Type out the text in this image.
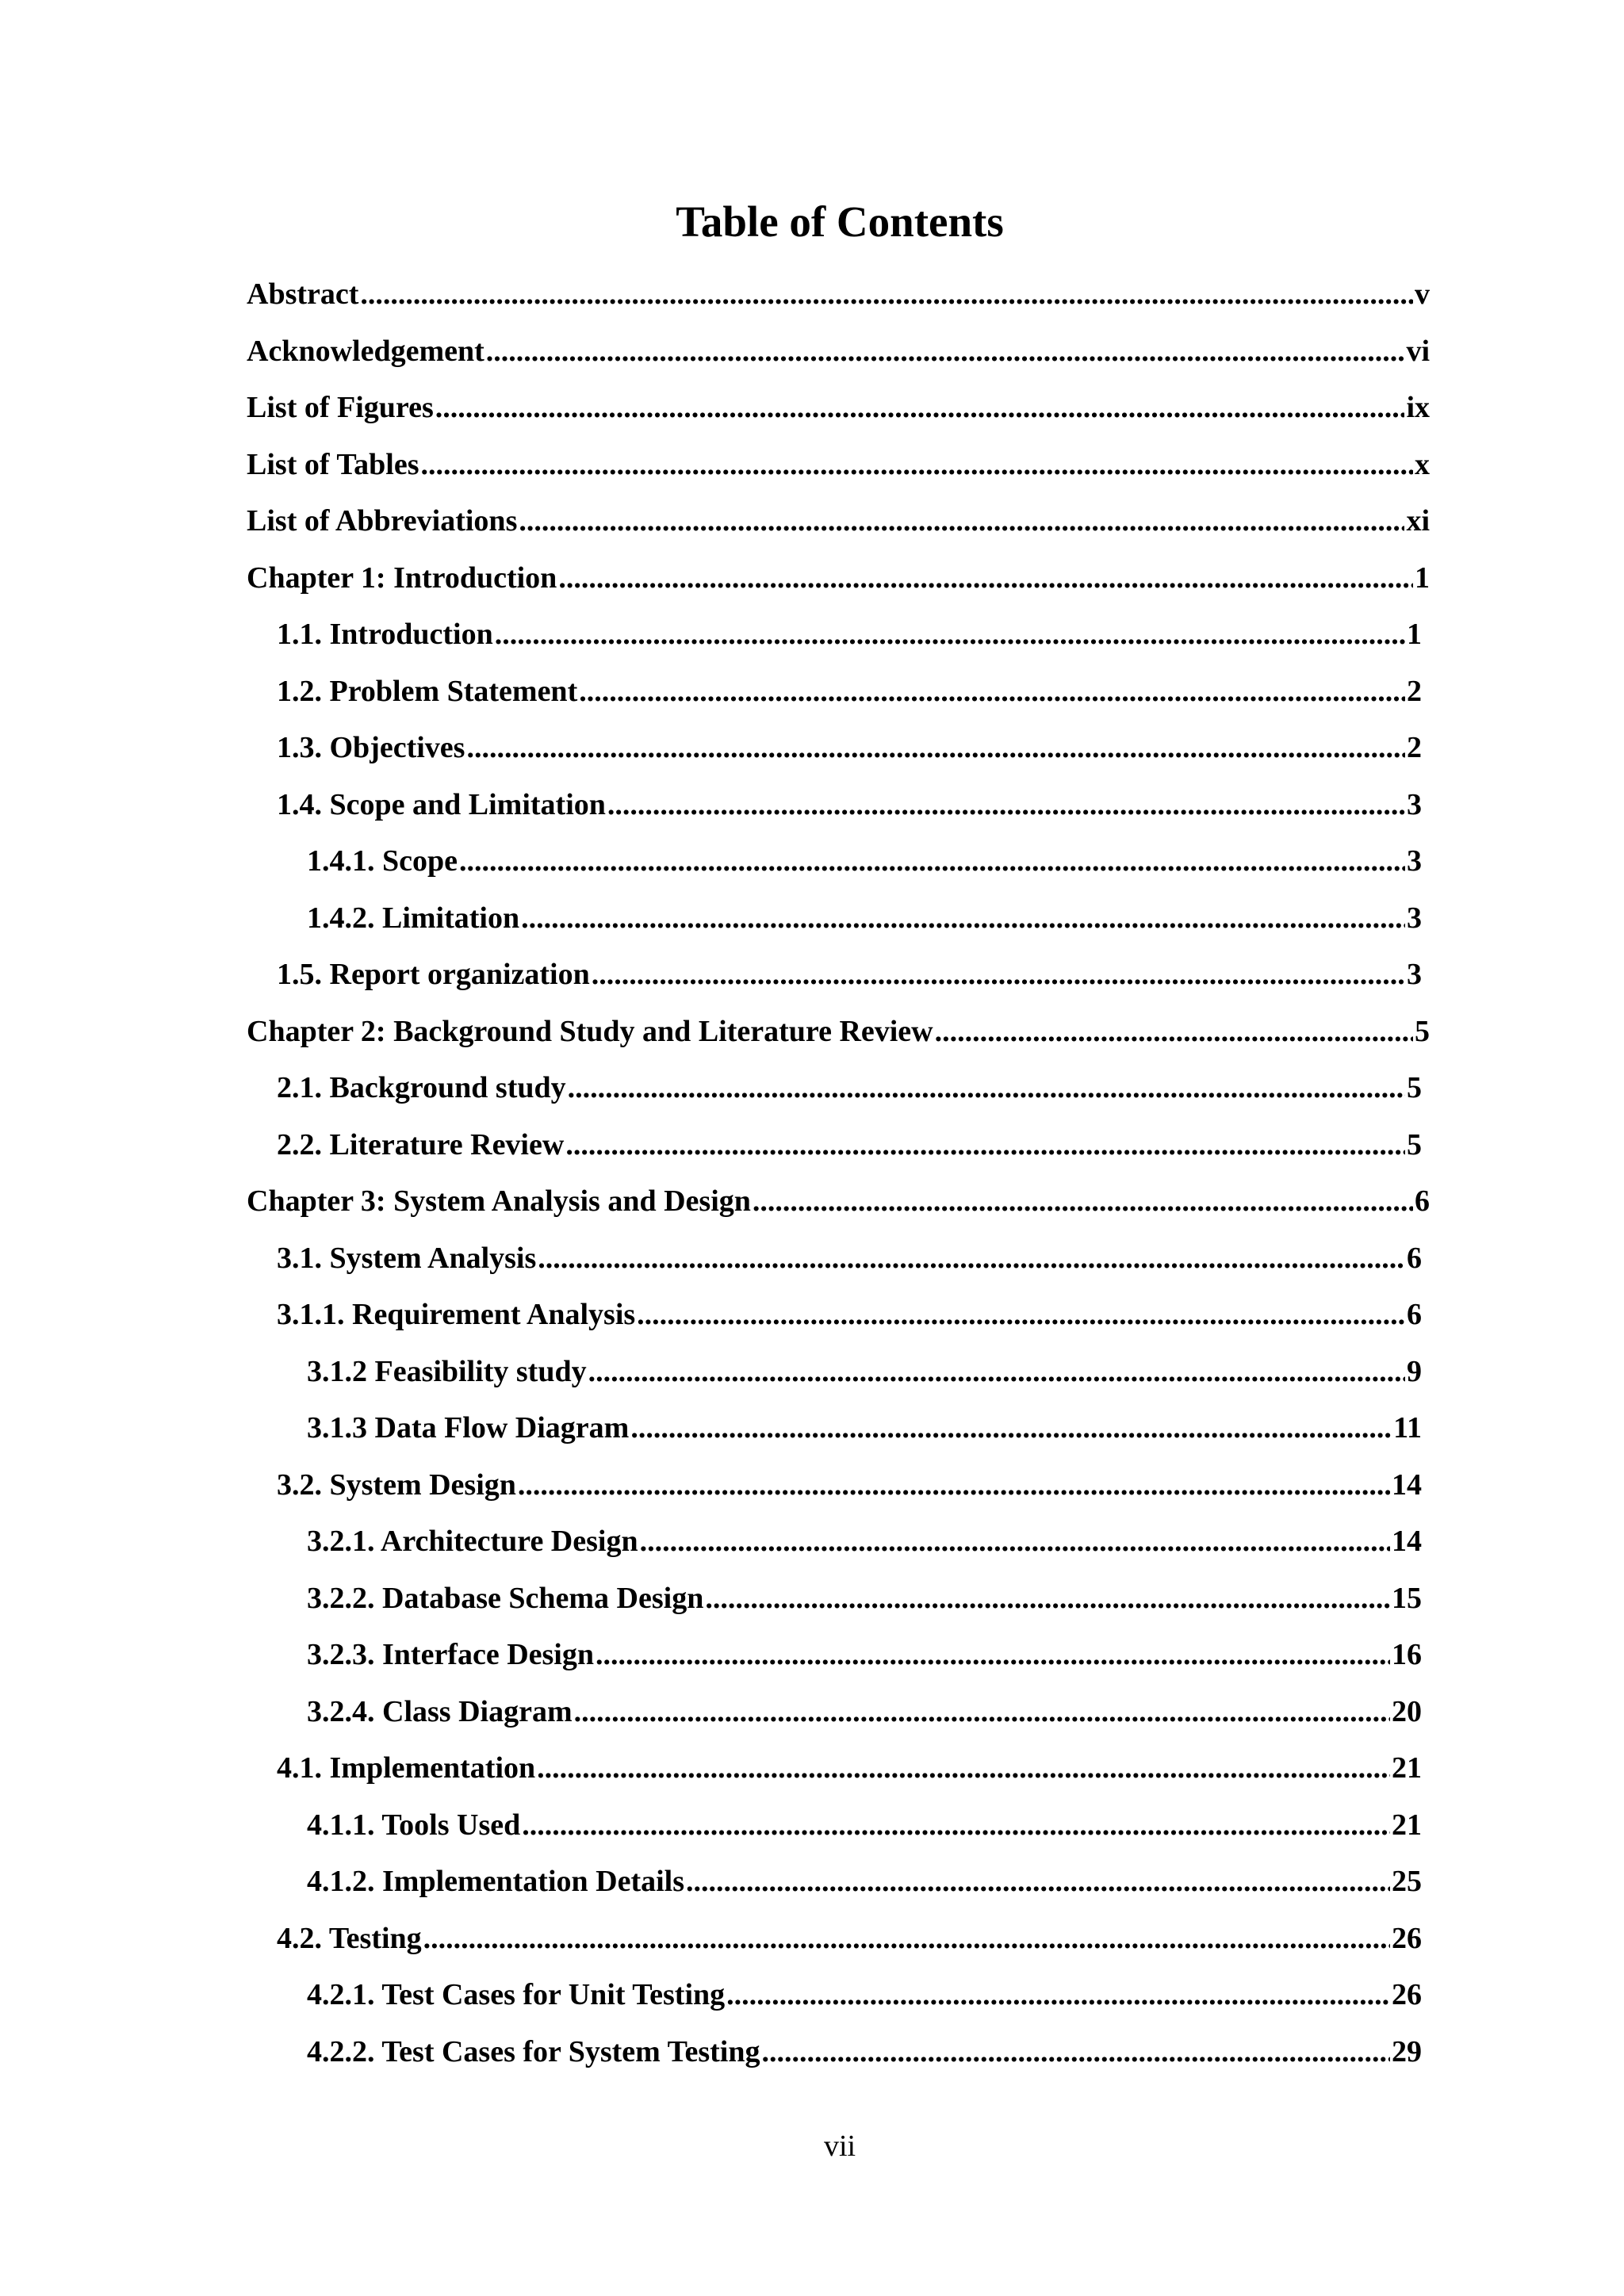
Table of Contents
Abstract .....	v
Acknowledgement .....	vi
List of Figures .....	ix
List of Tables .....	x
List of Abbreviations .....	xi
Chapter 1: Introduction .....	1
1.1. Introduction .....	1
1.2. Problem Statement .....	2
1.3. Objectives .....	2
1.4. Scope and Limitation .....	3
1.4.1. Scope .....	3
1.4.2. Limitation .....	3
1.5. Report organization .....	3
Chapter 2: Background Study and Literature Review .....	5
2.1. Background study .....	5
2.2. Literature Review .....	5
Chapter 3: System Analysis and Design .....	6
3.1. System Analysis .....	6
3.1.1. Requirement Analysis .....	6
3.1.2 Feasibility study .....	9
3.1.3 Data Flow Diagram .....	11
3.2. System Design .....	14
3.2.1. Architecture Design .....	14
3.2.2. Database Schema Design .....	15
3.2.3. Interface Design .....	16
3.2.4. Class Diagram .....	20
4.1. Implementation .....	21
4.1.1. Tools Used .....	21
4.1.2. Implementation Details .....	25
4.2. Testing .....	26
4.2.1. Test Cases for Unit Testing .....	26
4.2.2. Test Cases for System Testing .....	29
vii
